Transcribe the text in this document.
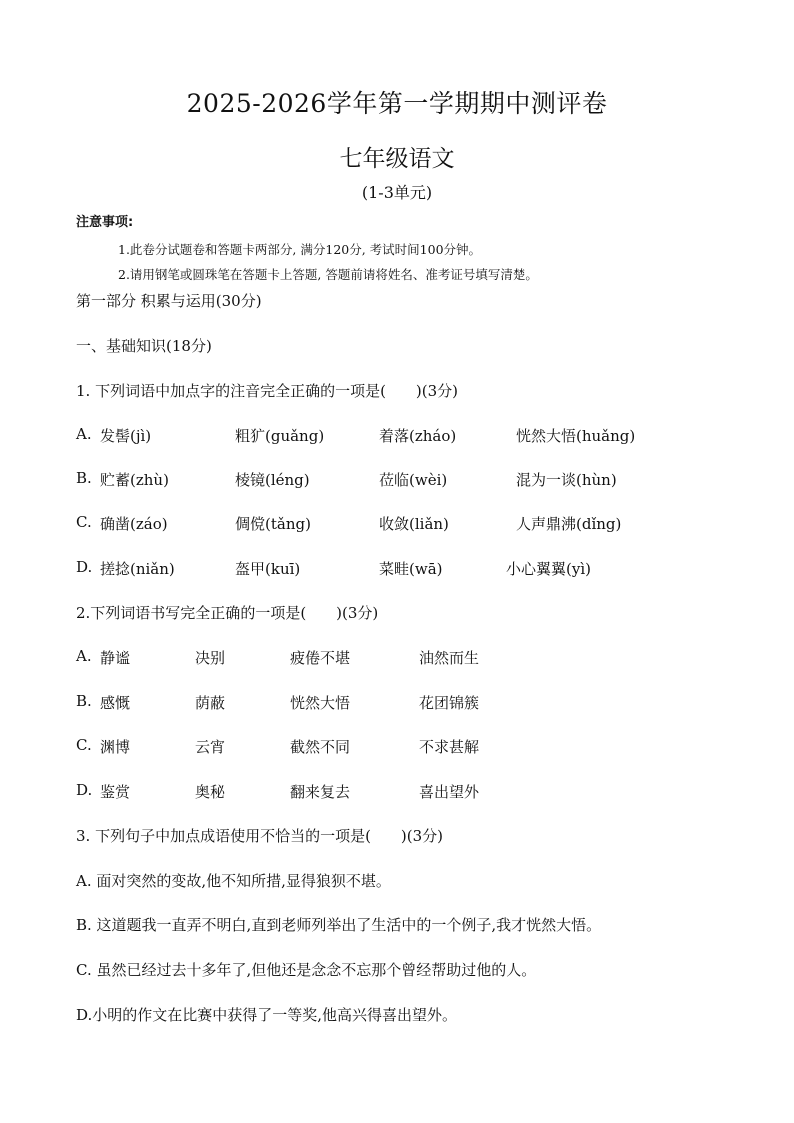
2025-2026学年第一学期期中测评卷
七年级语文
(1-3单元)
注意事项:
1.此卷分试题卷和答题卡两部分, 满分120分, 考试时间100分钟。
2.请用钢笔或圆珠笔在答题卡上答题, 答题前请将姓名、准考证号填写清楚。
第一部分 积累与运用(30分)
一、基础知识(18分)
1. 下列词语中加点字的注音完全正确的一项是(　　)(3分)
A. 发髻(jì)	粗犷(guǎng)	着落(zháo)	恍然大悟(huǎng)
B. 贮蓄(zhù)	棱镜(léng)	莅临(wèi)	混为一谈(hùn)
C. 确凿(záo)	倜傥(tǎng)	收敛(liǎn)	人声鼎沸(dǐng)
D. 搓捻(niǎn)	盔甲(kuī)	菜畦(wā)	小心翼翼(yì)
2.下列词语书写完全正确的一项是(　　)(3分)
A. 静谧	决别	疲倦不堪	油然而生
B. 感慨	荫蔽	恍然大悟	花团锦簇
C. 渊博	云宵	截然不同	不求甚解
D. 鉴赏	奥秘	翻来复去	喜出望外
3. 下列句子中加点成语使用不恰当的一项是(　　)(3分)
A. 面对突然的变故,他不知所措,显得狼狈不堪。
B. 这道题我一直弄不明白,直到老师列举出了生活中的一个例子,我才恍然大悟。
C. 虽然已经过去十多年了,但他还是念念不忘那个曾经帮助过他的人。
D.小明的作文在比赛中获得了一等奖,他高兴得喜出望外。
